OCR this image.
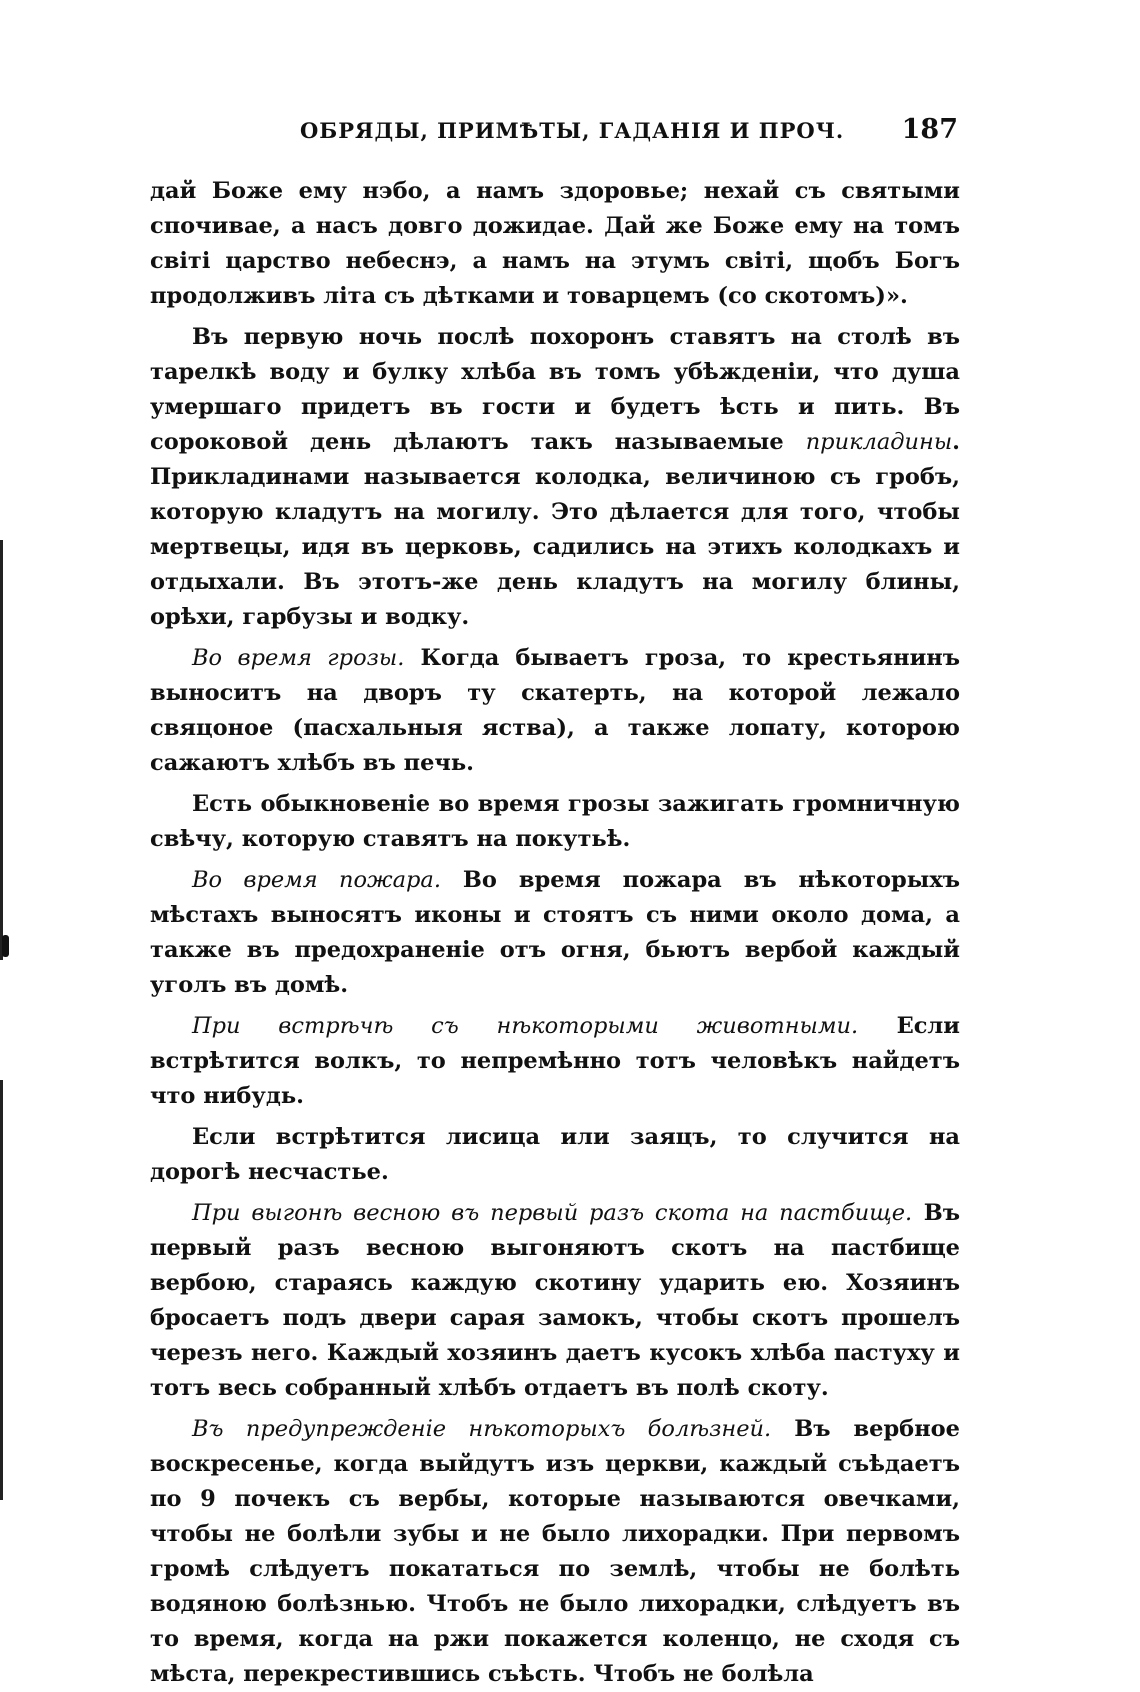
ОБРЯДЫ, ПРИМѢТЫ, ГАДАНІЯ И ПРОЧ. 187

дай Боже ему нэбо, а намъ здоровье; нехай съ святыми спочивае, а насъ довго дожидае. Дай же Боже ему на томъ світі царство небеснэ, а намъ на этумъ світі, щобъ Богъ продолживъ літа съ дѣтками и товарцемъ (со скотомъ)».

Въ первую ночь послѣ похоронъ ставятъ на столѣ въ тарелкѣ воду и булку хлѣба въ томъ убѣжденіи, что душа умершаго придетъ въ гости и будетъ ѣсть и пить. Въ сороковой день дѣлаютъ такъ называемые прикладины. Прикладинами называется колодка, величиною съ гробъ, которую кладутъ на могилу. Это дѣлается для того, чтобы мертвецы, идя въ церковь, садились на этихъ колодкахъ и отдыхали. Въ этотъ-же день кладутъ на могилу блины, орѣхи, гарбузы и водку.

Во время грозы. Когда бываетъ гроза, то крестьянинъ выноситъ на дворъ ту скатерть, на которой лежало свяцоное (пасхальныя яства), а также лопату, которою сажаютъ хлѣбъ въ печь.

Есть обыкновеніе во время грозы зажигать громничную свѣчу, которую ставятъ на покутьѣ.

Во время пожара. Во время пожара въ нѣкоторыхъ мѣстахъ выносятъ иконы и стоятъ съ ними около дома, а также въ предохраненіе отъ огня, бьютъ вербой каждый уголъ въ домѣ.

При встрѣчѣ съ нѣкоторыми животными. Если встрѣтится волкъ, то непремѣнно тотъ человѣкъ найдетъ что нибудь.

Если встрѣтится лисица или заяцъ, то случится на дорогѣ несчастье.

При выгонѣ весною въ первый разъ скота на пастбище. Въ первый разъ весною выгоняютъ скотъ на пастбище вербою, стараясь каждую скотину ударить ею. Хозяинъ бросаетъ подъ двери сарая замокъ, чтобы скотъ прошелъ черезъ него. Каждый хозяинъ даетъ кусокъ хлѣба пастуху и тотъ весь собранный хлѣбъ отдаетъ въ полѣ скоту.

Въ предупрежденіе нѣкоторыхъ болѣзней. Въ вербное воскресенье, когда выйдутъ изъ церкви, каждый съѣдаетъ по 9 почекъ съ вербы, которые называются овечками, чтобы не болѣли зубы и не было лихорадки. При первомъ громѣ слѣдуетъ покататься по землѣ, чтобы не болѣть водяною болѣзнью. Чтобъ не было лихорадки, слѣдуетъ въ то время, когда на ржи покажется коленцо, не сходя съ мѣста, перекрестившись съѣсть. Чтобъ не болѣла
